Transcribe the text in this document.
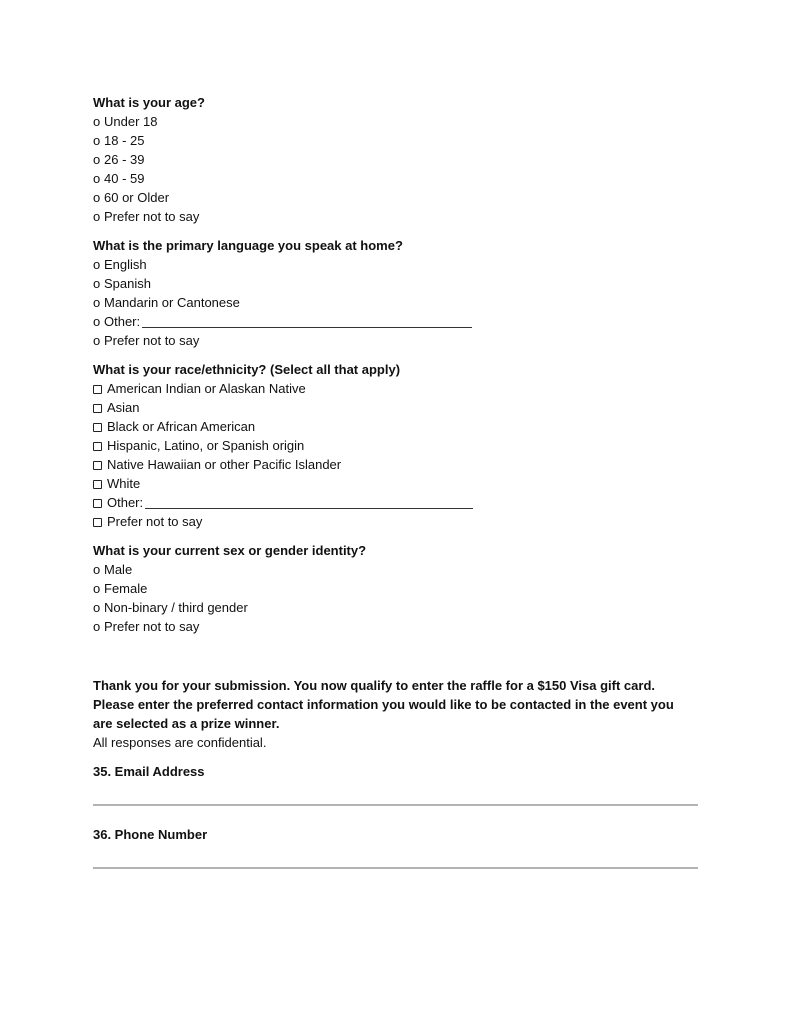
What is your age?

o Under 18
o 18 - 25
o 26 - 39
o 40 - 59
o 60 or Older
o Prefer not to say

What is the primary language you speak at home?

o English
o Spanish
o Mandarin or Cantonese
o Other:
o Prefer not to say

What is your race/ethnicity? (Select all that apply)

American Indian or Alaskan Native
Asian
Black or African American
Hispanic, Latino, or Spanish origin
Native Hawaiian or other Pacific Islander
White
Other:
Prefer not to say

What is your current sex or gender identity?

o Male
o Female
o Non-binary / third gender
o Prefer not to say

Thank you for your submission. You now qualify to enter the raffle for a $150 Visa gift card.

Please enter the preferred contact information you would like to be contacted in the event you

are selected as a prize winner.

All responses are confidential.

35. Email Address

36. Phone Number
